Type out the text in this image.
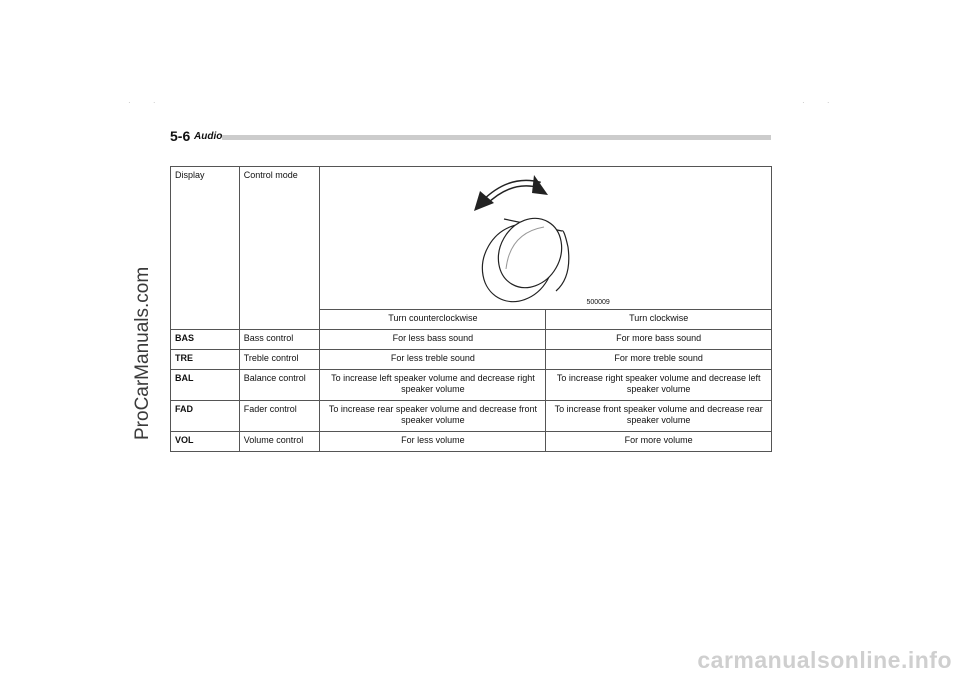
· ·	· ·
ProCarManuals.com
5-6 Audio
Display	Control mode	500009	

		Turn counterclockwise	Turn clockwise
BAS	Bass control	For less bass sound	For more bass sound
TRE	Treble control	For less treble sound	For more treble sound
BAL	Balance control	To increase left speaker volume and decrease right speaker volume	To increase right speaker volume and decrease left speaker volume
FAD	Fader control	To increase rear speaker volume and decrease front speaker volume	To increase front speaker volume and decrease rear speaker volume
VOL	Volume control	For less volume	For more volume
carmanualsonline.info
